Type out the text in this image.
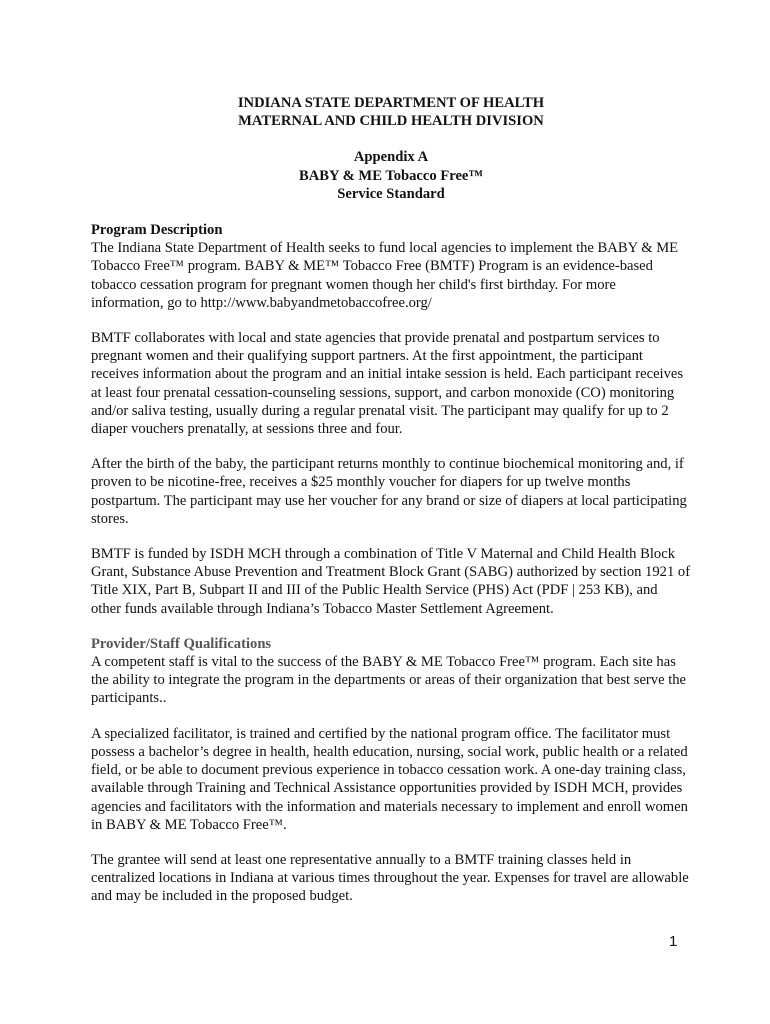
INDIANA STATE DEPARTMENT OF HEALTH
MATERNAL AND CHILD HEALTH DIVISION
Appendix A
BABY & ME Tobacco Free™
Service Standard
Program Description

The Indiana State Department of Health seeks to fund local agencies to implement the BABY & ME Tobacco Free™ program. BABY & ME™ Tobacco Free (BMTF) Program is an evidence-based tobacco cessation program for pregnant women though her child's first birthday. For more information, go to http://www.babyandmetobaccofree.org/

BMTF collaborates with local and state agencies that provide prenatal and postpartum services to pregnant women and their qualifying support partners. At the first appointment, the participant receives information about the program and an initial intake session is held. Each participant receives at least four prenatal cessation-counseling sessions, support, and carbon monoxide (CO) monitoring and/or saliva testing, usually during a regular prenatal visit. The participant may qualify for up to 2 diaper vouchers prenatally, at sessions three and four.

After the birth of the baby, the participant returns monthly to continue biochemical monitoring and, if proven to be nicotine-free, receives a $25 monthly voucher for diapers for up twelve months postpartum. The participant may use her voucher for any brand or size of diapers at local participating stores.

BMTF is funded by ISDH MCH through a combination of Title V Maternal and Child Health Block Grant, Substance Abuse Prevention and Treatment Block Grant (SABG) authorized by section 1921 of Title XIX, Part B, Subpart II and III of the Public Health Service (PHS) Act (PDF | 253 KB), and other funds available through Indiana’s Tobacco Master Settlement Agreement.

Provider/Staff Qualifications

A competent staff is vital to the success of the BABY & ME Tobacco Free™ program. Each site has the ability to integrate the program in the departments or areas of their organization that best serve the participants..

A specialized facilitator, is trained and certified by the national program office. The facilitator must possess a bachelor’s degree in health, health education, nursing, social work, public health or a related field, or be able to document previous experience in tobacco cessation work. A one-day training class, available through Training and Technical Assistance opportunities provided by ISDH MCH, provides agencies and facilitators with the information and materials necessary to implement and enroll women in BABY & ME Tobacco Free™.

The grantee will send at least one representative annually to a BMTF training classes held in centralized locations in Indiana at various times throughout the year. Expenses for travel are allowable and may be included in the proposed budget.

1
